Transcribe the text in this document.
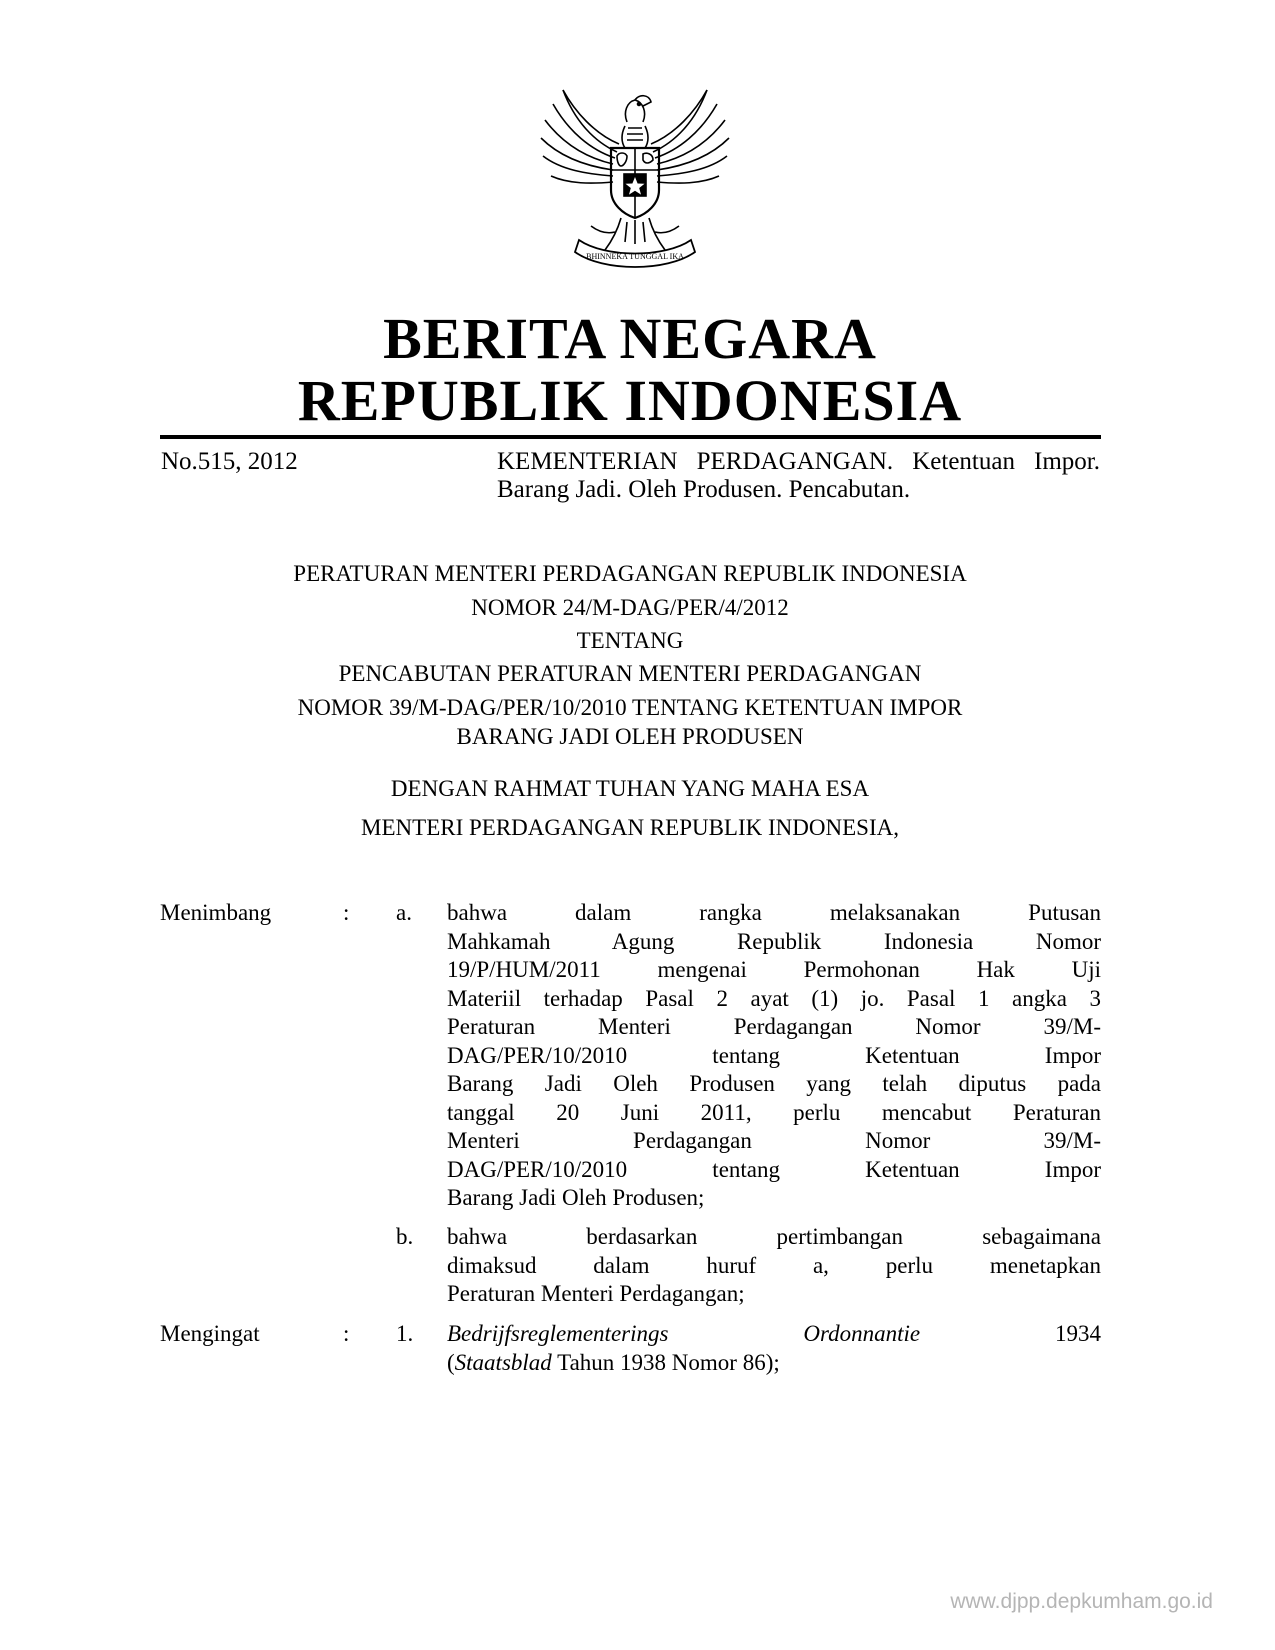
BHINNEKA TUNGGAL IKA
BERITA NEGARA
REPUBLIK INDONESIA
No.515, 2012	KEMENTERIAN PERDAGANGAN. Ketentuan Impor. Barang Jadi. Oleh Produsen. Pencabutan.
PERATURAN MENTERI PERDAGANGAN REPUBLIK INDONESIA
NOMOR 24/M-DAG/PER/4/2012
TENTANG
PENCABUTAN PERATURAN MENTERI PERDAGANGAN
NOMOR 39/M-DAG/PER/10/2010 TENTANG KETENTUAN IMPOR
BARANG JADI OLEH PRODUSEN
DENGAN RAHMAT TUHAN YANG MAHA ESA
MENTERI PERDAGANGAN REPUBLIK INDONESIA,
Menimbang	: a. bahwa dalam rangka melaksanakan Putusan
Mahkamah Agung Republik Indonesia Nomor
19/P/HUM/2011 mengenai Permohonan Hak Uji
Materiil terhadap Pasal 2 ayat (1) jo. Pasal 1 angka 3
Peraturan Menteri Perdagangan Nomor 39/M-
DAG/PER/10/2010 tentang Ketentuan Impor
Barang Jadi Oleh Produsen yang telah diputus pada
tanggal 20 Juni 2011, perlu mencabut Peraturan
Menteri Perdagangan Nomor 39/M-
DAG/PER/10/2010 tentang Ketentuan Impor
Barang Jadi Oleh Produsen;
b. bahwa berdasarkan pertimbangan sebagaimana
dimaksud dalam huruf a, perlu menetapkan
Peraturan Menteri Perdagangan;
Mengingat	: 1. Bedrijfsreglementerings	Ordonnantie	1934
(Staatsblad Tahun 1938 Nomor 86);
www.djpp.depkumham.go.id
